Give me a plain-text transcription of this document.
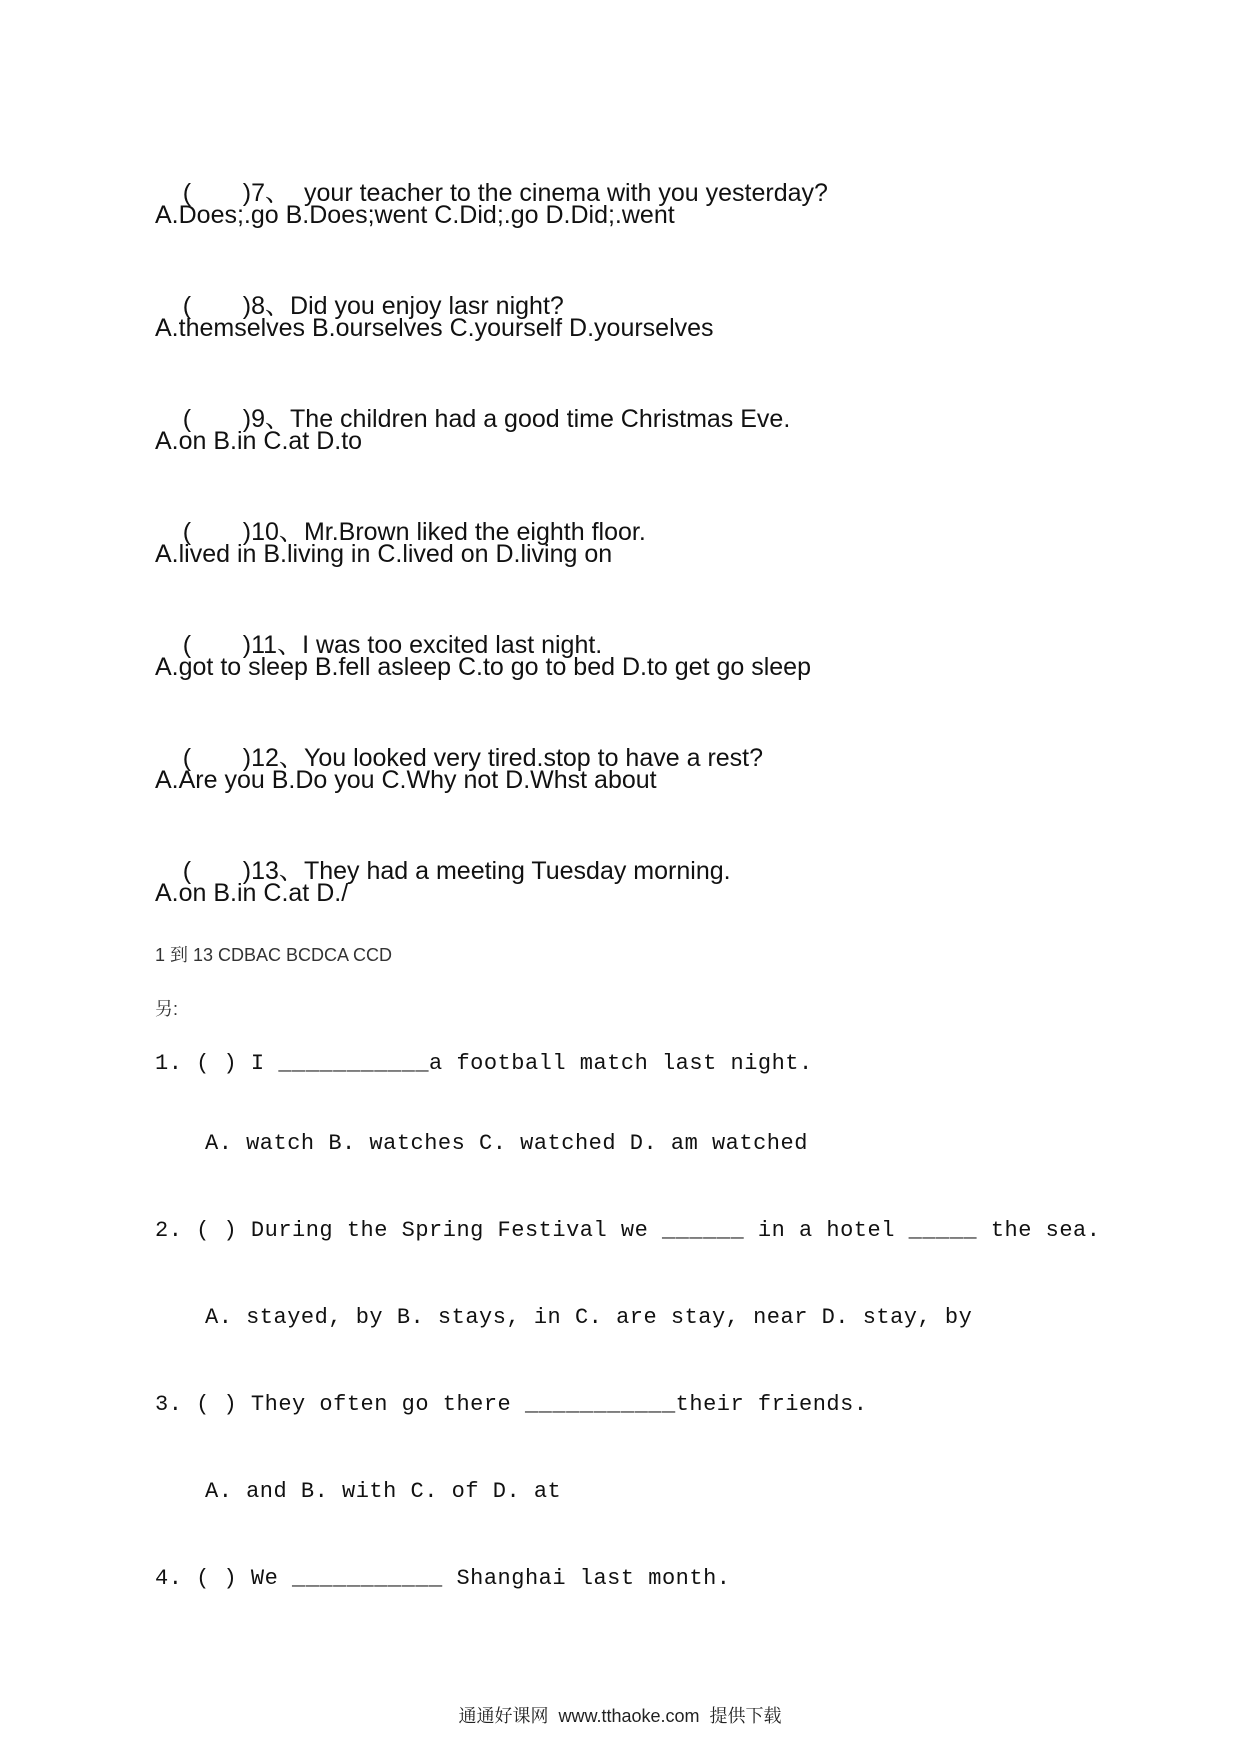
( )7、 your teacher to the cinema with you yesterday?

A.Does;.go B.Does;went C.Did;.go D.Did;.went

( )8、Did you enjoy lasr night?

A.themselves B.ourselves C.yourself D.yourselves

( )9、The children had a good time Christmas Eve.

A.on B.in C.at D.to

( )10、Mr.Brown liked the eighth floor.

A.lived in B.living in C.lived on D.living on

( )11、I was too excited last night.

A.got to sleep B.fell asleep C.to go to bed D.to get go sleep

( )12、You looked very tired.stop to have a rest?

A.Are you B.Do you C.Why not D.Whst about

( )13、They had a meeting Tuesday morning.

A.on B.in C.at D./
1 到 13 CDBAC BCDCA CCD
另:
1. ( ) I ___________a football match last night.
A. watch B. watches C. watched D. am watched
2. ( ) During the Spring Festival we ______ in a hotel _____ the sea.
A. stayed, by B. stays, in C. are stay, near D. stay, by
3. ( ) They often go there ___________their friends.
A. and B. with C. of D. at
4. ( ) We ___________ Shanghai last month.
通通好课网  www.tthaoke.com  提供下载
